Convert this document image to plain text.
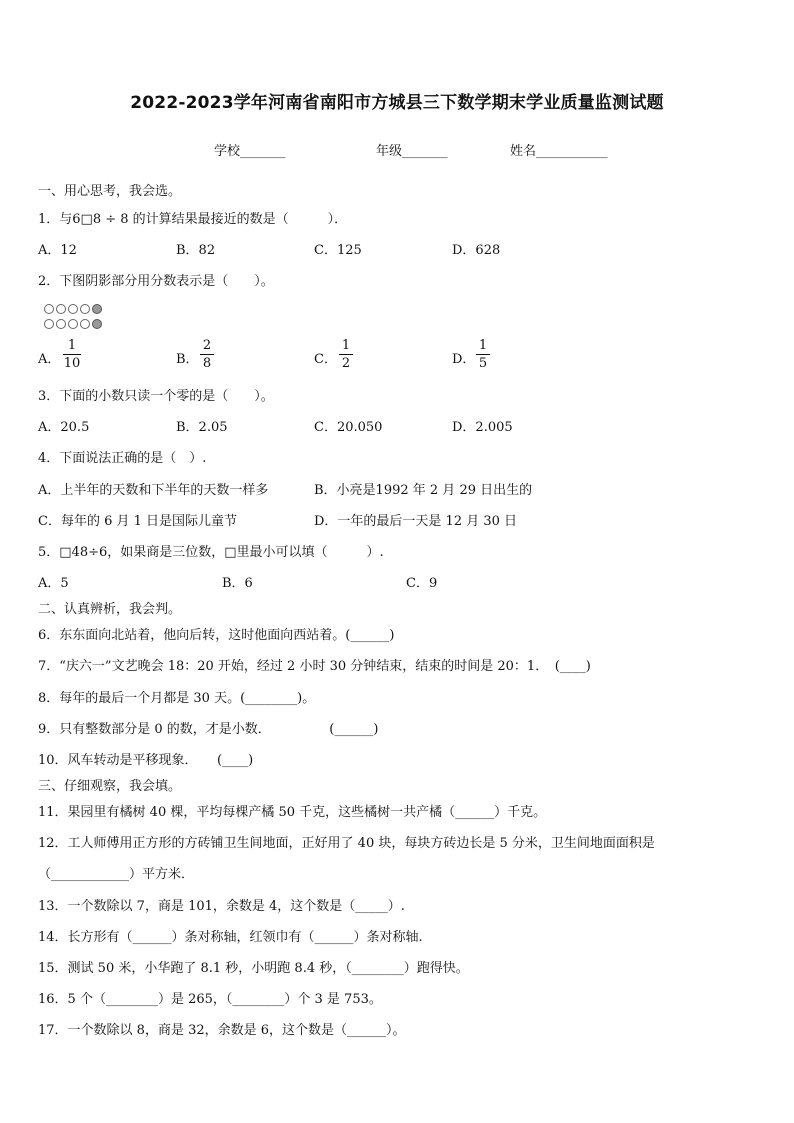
2022-2023学年河南省南阳市方城县三下数学期末学业质量监测试题
学校_______	年级_______	姓名___________
一、用心思考，我会选。
1．与6□8 ÷ 8 的计算结果最接近的数是（　　　）．
A．12	B．82	C．125	D．628
2．下图阴影部分用分数表示是（　　）。
A．
1
10	B．
2
8	C．
1
2	D．
1
5
3．下面的小数只读一个零的是（　　）。
A．20.5	B．2.05	C．20.050	D．2.005
4．下面说法正确的是（　）.
A．上半年的天数和下半年的天数一样多	B．小亮是1992 年 2 月 29 日出生的
C．每年的 6 月 1 日是国际儿童节	D．一年的最后一天是 12 月 30 日
5．□48÷6，如果商是三位数，□里最小可以填（　　　）.
A．5	B．6	C．9
二、认真辨析，我会判。
6．东东面向北站着，他向后转，这时他面向西站着。(______)
7．“庆六一”文艺晚会 18：20 开始，经过 2 小时 30 分钟结束，结束的时间是 20：1．　(____)
8．每年的最后一个月都是 30 天。(________)。
9．只有整数部分是 0 的数，才是小数．　　　　　(______)
10．风车转动是平移现象．　　(____)
三、仔细观察，我会填。
11．果园里有橘树 40 棵，平均每棵产橘 50 千克，这些橘树一共产橘（______）千克。
12．工人师傅用正方形的方砖铺卫生间地面，正好用了 40 块，每块方砖边长是 5 分米，卫生间地面面积是
（____________）平方米．
13．一个数除以 7，商是 101，余数是 4，这个数是（_____）.
14．长方形有（______）条对称轴，红领巾有（______）条对称轴.
15．测试 50 米，小华跑了 8.1 秒，小明跑 8.4 秒，（________）跑得快。
16．5 个（________）是 265，（________）个 3 是 753。
17．一个数除以 8，商是 32，余数是 6，这个数是（______）。
